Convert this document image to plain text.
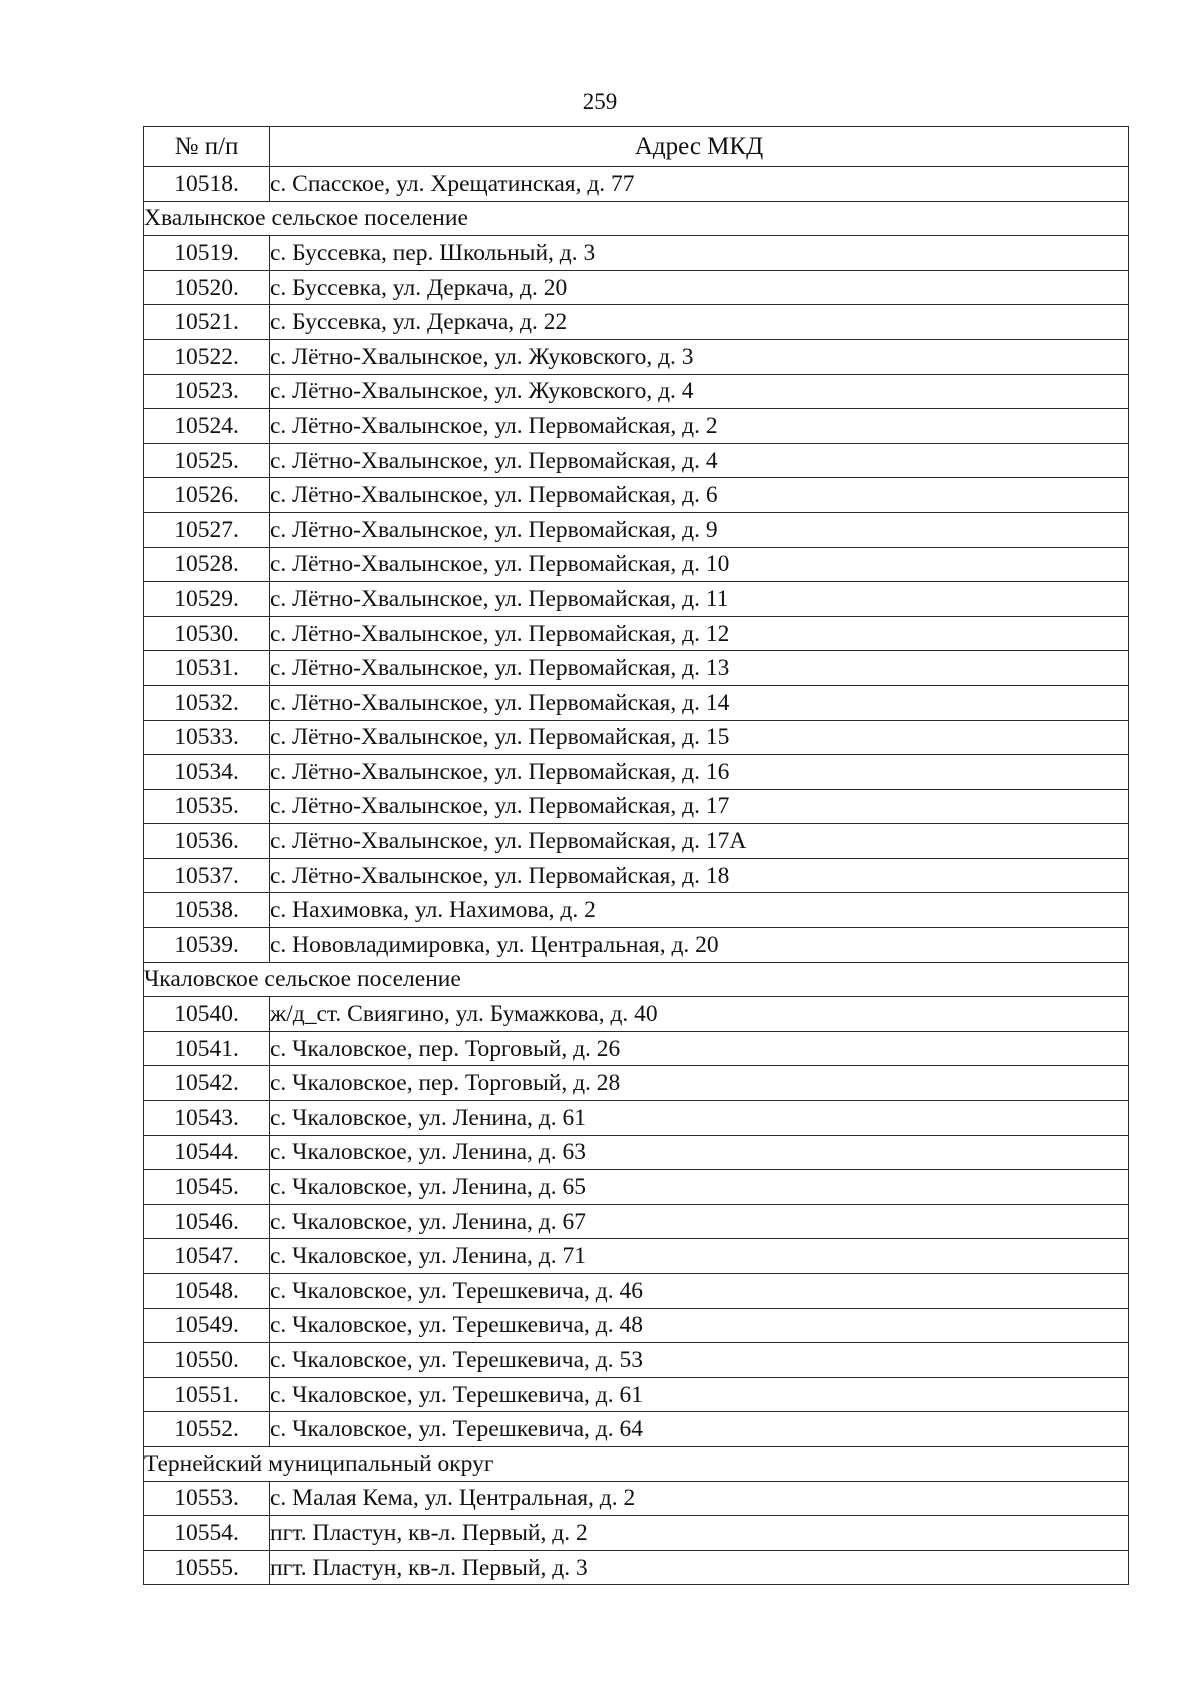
259
№ п/п	Адрес МКД
10518.	с. Спасское, ул. Хрещатинская, д. 77
Хвалынское сельское поселение	
10519.	с. Буссевка, пер. Школьный, д. 3
10520.	с. Буссевка, ул. Деркача, д. 20
10521.	с. Буссевка, ул. Деркача, д. 22
10522.	с. Лётно-Хвалынское, ул. Жуковского, д. 3
10523.	с. Лётно-Хвалынское, ул. Жуковского, д. 4
10524.	с. Лётно-Хвалынское, ул. Первомайская, д. 2
10525.	с. Лётно-Хвалынское, ул. Первомайская, д. 4
10526.	с. Лётно-Хвалынское, ул. Первомайская, д. 6
10527.	с. Лётно-Хвалынское, ул. Первомайская, д. 9
10528.	с. Лётно-Хвалынское, ул. Первомайская, д. 10
10529.	с. Лётно-Хвалынское, ул. Первомайская, д. 11
10530.	с. Лётно-Хвалынское, ул. Первомайская, д. 12
10531.	с. Лётно-Хвалынское, ул. Первомайская, д. 13
10532.	с. Лётно-Хвалынское, ул. Первомайская, д. 14
10533.	с. Лётно-Хвалынское, ул. Первомайская, д. 15
10534.	с. Лётно-Хвалынское, ул. Первомайская, д. 16
10535.	с. Лётно-Хвалынское, ул. Первомайская, д. 17
10536.	с. Лётно-Хвалынское, ул. Первомайская, д. 17А
10537.	с. Лётно-Хвалынское, ул. Первомайская, д. 18
10538.	с. Нахимовка, ул. Нахимова, д. 2
10539.	с. Нововладимировка, ул. Центральная, д. 20
Чкаловское сельское поселение	
10540.	ж/д_ст. Свиягино, ул. Бумажкова, д. 40
10541.	с. Чкаловское, пер. Торговый, д. 26
10542.	с. Чкаловское, пер. Торговый, д. 28
10543.	с. Чкаловское, ул. Ленина, д. 61
10544.	с. Чкаловское, ул. Ленина, д. 63
10545.	с. Чкаловское, ул. Ленина, д. 65
10546.	с. Чкаловское, ул. Ленина, д. 67
10547.	с. Чкаловское, ул. Ленина, д. 71
10548.	с. Чкаловское, ул. Терешкевича, д. 46
10549.	с. Чкаловское, ул. Терешкевича, д. 48
10550.	с. Чкаловское, ул. Терешкевича, д. 53
10551.	с. Чкаловское, ул. Терешкевича, д. 61
10552.	с. Чкаловское, ул. Терешкевича, д. 64
Тернейский муниципальный округ	
10553.	с. Малая Кема, ул. Центральная, д. 2
10554.	пгт. Пластун, кв-л. Первый, д. 2
10555.	пгт. Пластун, кв-л. Первый, д. 3
